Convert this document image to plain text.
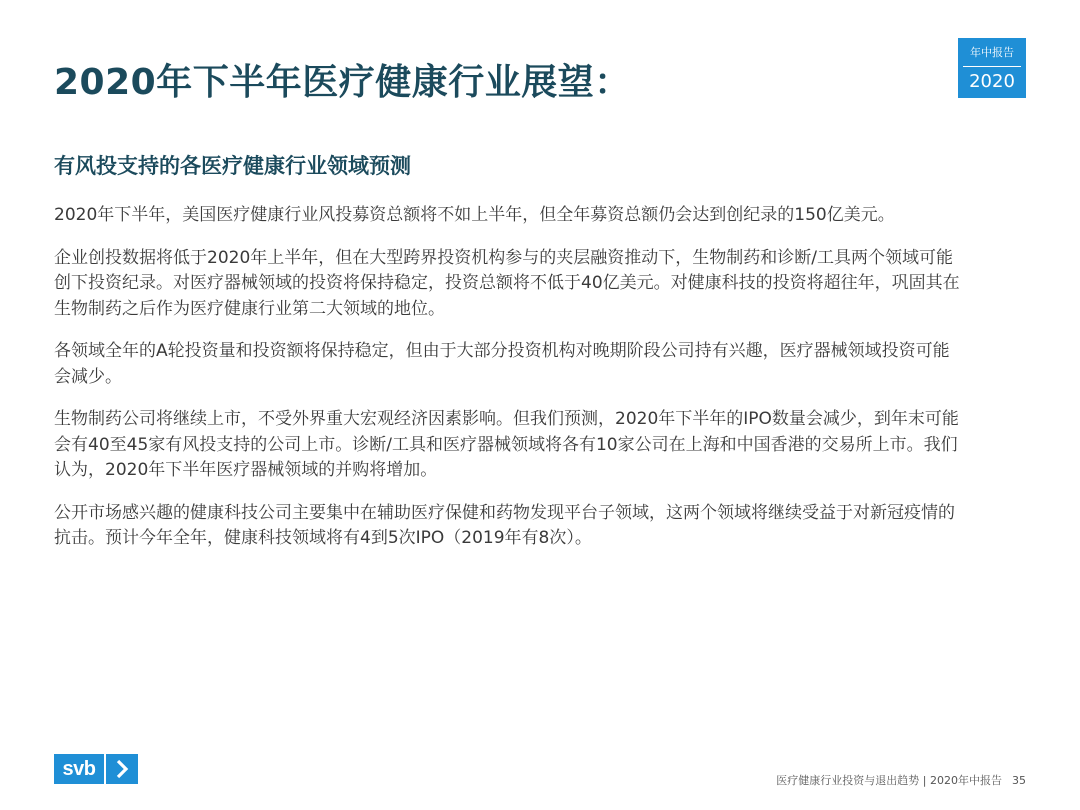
2020年下半年医疗健康行业展望：
年中报告
2020
有风投支持的各医疗健康行业领域预测

2020年下半年，美国医疗健康行业风投募资总额将不如上半年，但全年募资总额仍会达到创纪录的150亿美元。

企业创投数据将低于2020年上半年，但在大型跨界投资机构参与的夹层融资推动下，生物制药和诊断/工具两个领域可能创下投资纪录。对医疗器械领域的投资将保持稳定，投资总额将不低于40亿美元。对健康科技的投资将超往年，巩固其在生物制药之后作为医疗健康行业第二大领域的地位。

各领域全年的A轮投资量和投资额将保持稳定，但由于大部分投资机构对晚期阶段公司持有兴趣，医疗器械领域投资可能会减少。

生物制药公司将继续上市，不受外界重大宏观经济因素影响。但我们预测，2020年下半年的IPO数量会减少，到年末可能会有40至45家有风投支持的公司上市。诊断/工具和医疗器械领域将各有10家公司在上海和中国香港的交易所上市。我们认为，2020年下半年医疗器械领域的并购将增加。

公开市场感兴趣的健康科技公司主要集中在辅助医疗保健和药物发现平台子领域，这两个领域将继续受益于对新冠疫情的抗击。预计今年全年，健康科技领域将有4到5次IPO（2019年有8次）。

svb
医疗健康行业投资与退出趋势 | 2020年中报告 35
